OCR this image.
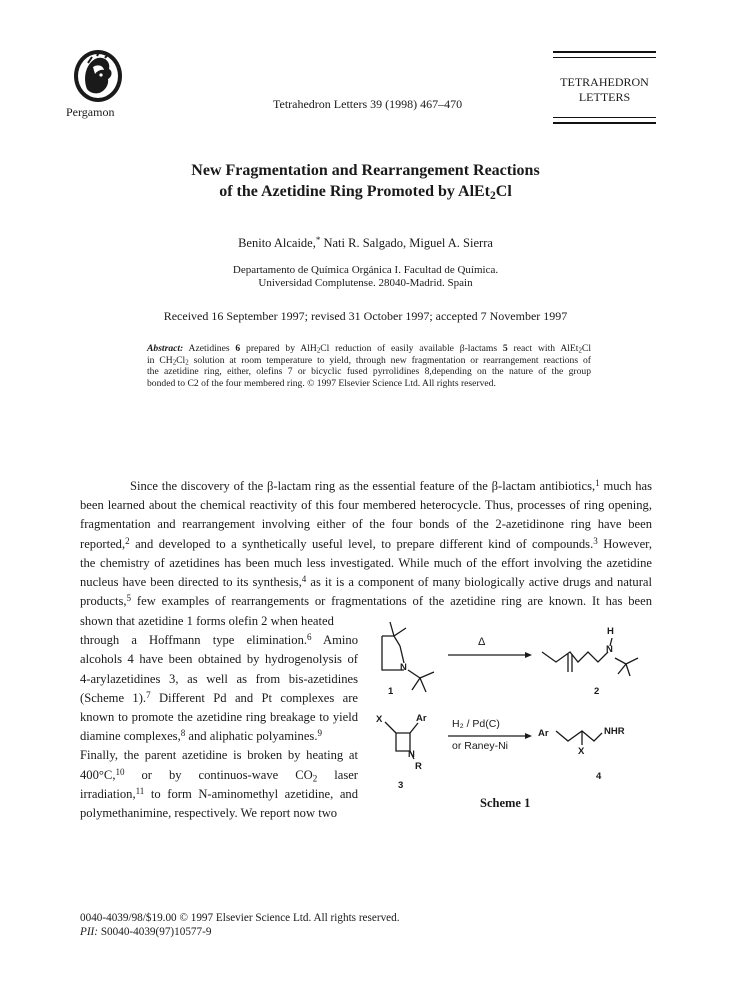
Pergamon
Tetrahedron Letters 39 (1998) 467–470
TETRAHEDRON
LETTERS
New Fragmentation and Rearrangement Reactions
of the Azetidine Ring Promoted by AlEt$_2$Cl
Benito Alcaide,* Nati R. Salgado, Miguel A. Sierra
Departamento de Química Orgánica I. Facultad de Química.
Universidad Complutense. 28040-Madrid. Spain
Received 16 September 1997; revised 31 October 1997; accepted 7 November 1997
Abstract: Azetidines 6 prepared by AlH$_2$Cl reduction of easily available β-lactams 5 react with AlEt$_2$Cl
in $CH_2Cl_2$ solution at room temperature to yield, through new fragmentation or rearrangement reactions of
the azetidine ring, either, olefins 7 or bicyclic fused pyrrolidines 8,depending on the nature of the group
bonded to C2 of the four membered ring. © 1997 Elsevier Science Ltd. All rights reserved.
Since the discovery of the β-lactam ring as the essential feature of the β-lactam antibiotics,$^1$ much has
been learned about the chemical reactivity of this four membered heterocycle. Thus, processes of ring opening,
fragmentation and rearrangement involving either of the four bonds of the 2-azetidinone ring have been
reported,$^2$ and developed to a synthetically useful level, to prepare different kind of compounds.$^3$ However,
the chemistry of azetidines has been much less investigated. While much of the effort involving the azetidine
nucleus have been directed to its synthesis,$^4$ as it is a component of many biologically active drugs and natural
products,$^5$ few examples of rearrangements or fragmentations of the azetidine ring are known. It has been
shown that azetidine 1 forms olefin 2 when heated
through a Hoffmann type elimination.$^6$ Amino
alcohols 4 have been obtained by hydrogenolysis of
4-arylazetidines 3, as well as from bis-azetidines
(Scheme 1).$^7$ Different Pd and Pt complexes are
known to promote the azetidine ring breakage to yield
diamine complexes,$^8$ and aliphatic polyamines.$^9$
Finally, the parent azetidine is broken by heating at
400°C,$^{10}$ or by continuos-wave $CO_2$ laser
irradiation,$^{11}$ to form N-aminomethyl azetidine, and
polymethanimine, respectively. We report now two
N
H
N
X	Ar
N
R
Ar	NHR
X
Δ
H₂ / Pd(C)
or Raney-Ni
1	2
3
4
Scheme 1
0040-4039/98/$19.00 © 1997 Elsevier Science Ltd. All rights reserved.
PII: S0040-4039(97)10577-9
